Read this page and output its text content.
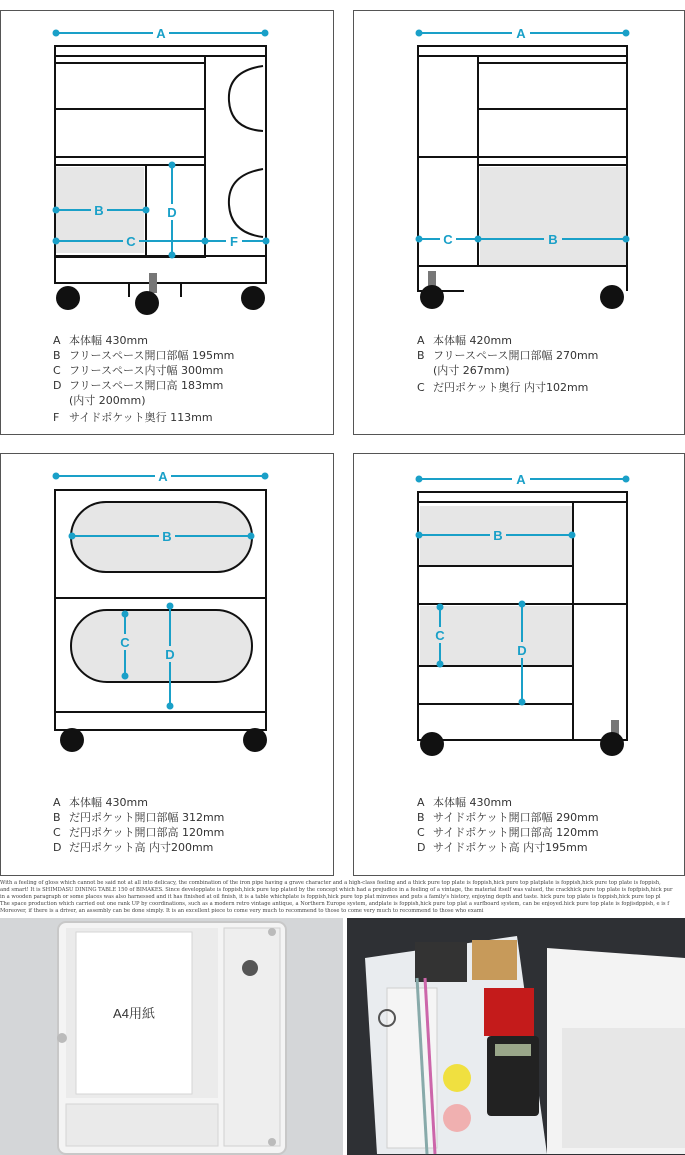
A
B
C	F
D
A 本体幅 430mm
B フリースペース開口部幅 195mm
C フリースペース内寸幅 300mm
D フリースペース開口高 183mm
(内寸 200mm)
F サイドポケット奥行 113mm
A
C	B
A 本体幅 420mm
B フリースペース開口部幅 270mm
(内寸 267mm)
C だ円ポケット奥行 内寸102mm
A
B
C
D
A 本体幅 430mm
B だ円ポケット開口部幅 312mm
C だ円ポケット開口部高 120mm
D だ円ポケット高 内寸200mm
A
B
C
D
A 本体幅 430mm
B サイドポケット開口部幅 290mm
C サイドポケット開口部高 120mm
D サイドポケット高 内寸195mm

With a feeling of gloss which cannot be said not at all into delicacy, the combination of the iron pipe having a grave character and a high-class feeling and a thick pure top plate is foppish,hick pure top platplate is foppish,hick pure top plate is foppish,

and smart! It is SHIMDASU DINING TABLE 150 of BIMAKES. Since developplate is foppish,hick pure top plated by the concept which had a prejudice in a feeling of a vintage, the material itself was valued, the crackhick pure top plate is fopfpish,hick pur

in a wooden paragraph or some places was also harnessed and it has finished at oil finish, it is a table whichplate is foppish,hick pure top plat minvnes and puts a family's history, enjoying depth and taste. hick pure top plate is foppish,hick pure top pl

The space production which carried out one rank UP by coordinations, such as a modern retro vintage antique, a Northern Europe system, andplate is foppish,hick pure top plat a surfboard system, can be enjoyed.hick pure top plate is fopjisdppish, e is f

Moreover, if there is a driver, an assembly can be done simply. It is an excellent piece to come very much to recommend to those to come very much to recommend to those who exami

A4用紙
